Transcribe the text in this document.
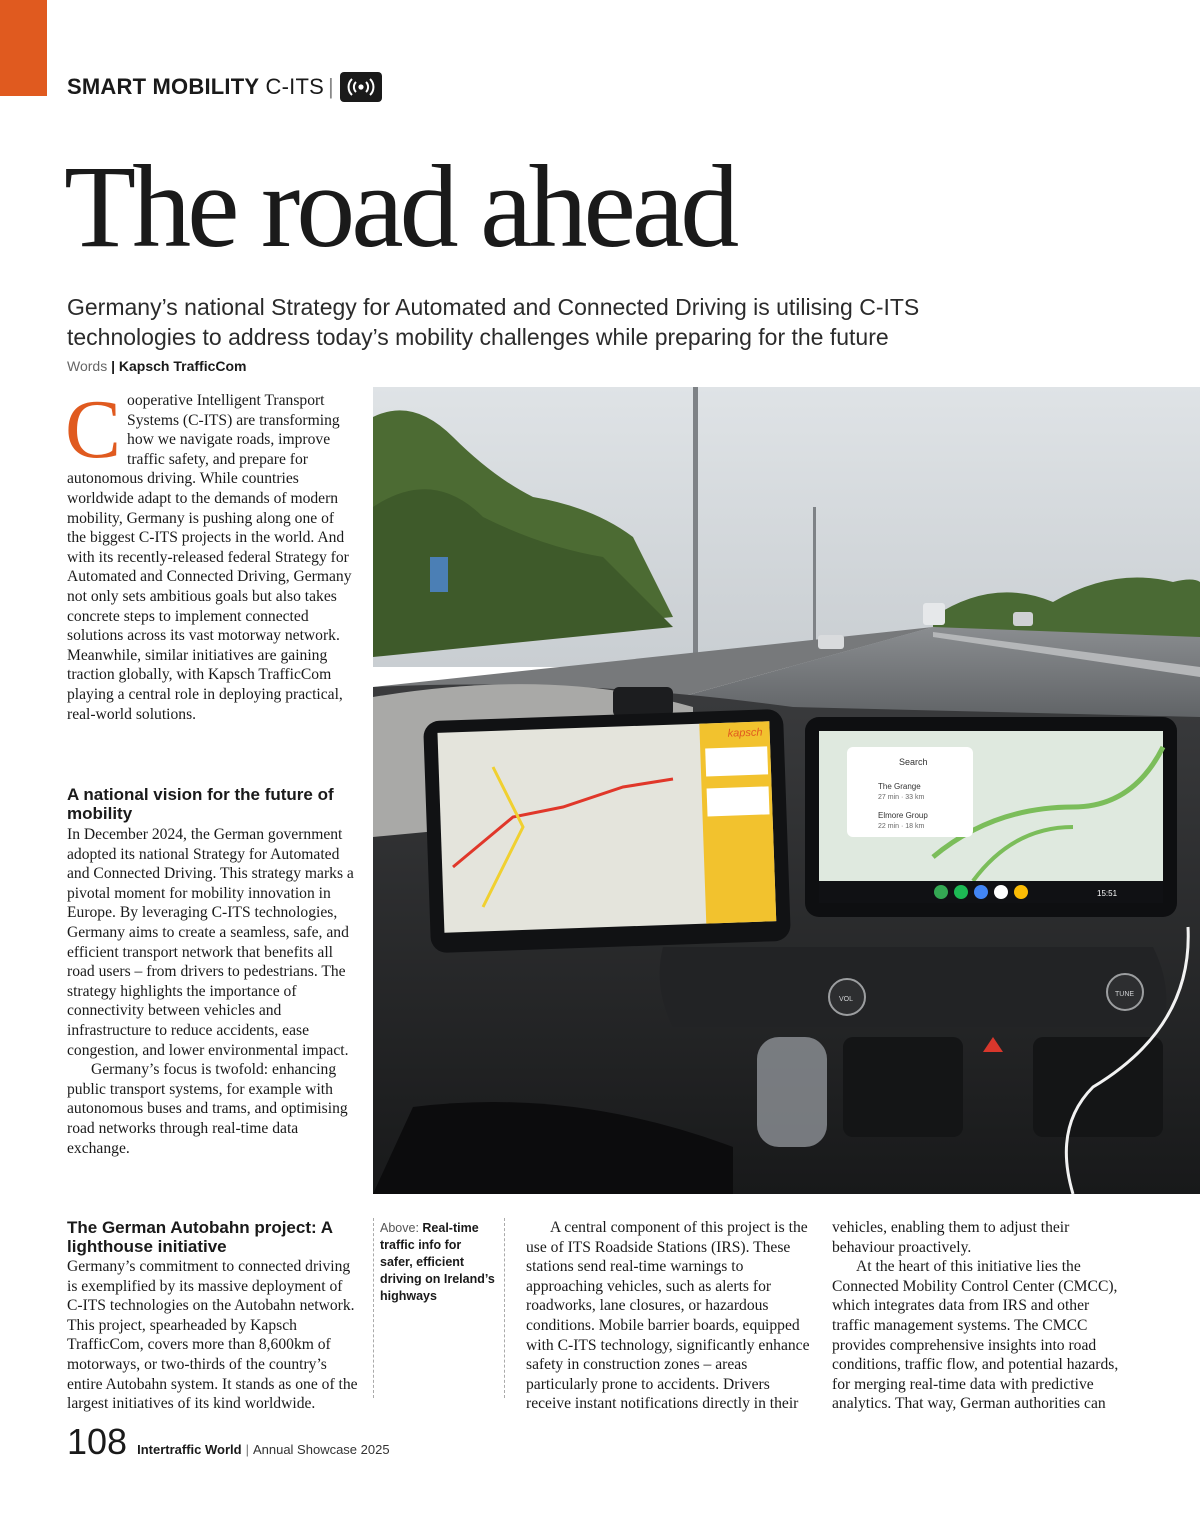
SMART MOBILITY
C-ITS |
The road ahead

Germany’s national Strategy for Automated and Connected Driving is utilising C-ITS technologies to address today’s mobility challenges while preparing for the future

Words | Kapsch TrafficCom

Cooperative Intelligent Transport Systems (C-ITS) are transforming how we navigate roads, improve traffic safety, and prepare for autonomous driving. While countries worldwide adapt to the demands of modern mobility, Germany is pushing along one of the biggest C-ITS projects in the world. And with its recently-released federal Strategy for Automated and Connected Driving, Germany not only sets ambitious goals but also takes concrete steps to implement connected solutions across its vast motorway network. Meanwhile, similar initiatives are gaining traction globally, with Kapsch TrafficCom playing a central role in deploying practical, real-world solutions.

A national vision for the future of mobility

In December 2024, the German government adopted its national Strategy for Automated and Connected Driving. This strategy marks a pivotal moment for mobility innovation in Europe. By leveraging C-ITS technologies, Germany aims to create a seamless, safe, and efficient transport network that benefits all road users – from drivers to pedestrians. The strategy highlights the importance of connectivity between vehicles and infrastructure to reduce accidents, ease congestion, and lower environmental impact.

Germany’s focus is twofold: enhancing public transport systems, for example with autonomous buses and trams, and optimising road networks through real-time data exchange.

The German Autobahn project: A lighthouse initiative

Germany’s commitment to connected driving is exemplified by its massive deployment of C-ITS technologies on the Autobahn network. This project, spearheaded by Kapsch TrafficCom, covers more than 8,600km of motorways, or two-thirds of the country’s entire Autobahn system. It stands as one of the largest initiatives of its kind worldwide.

kapsch
Search
The Grange
27 min · 33 km
Elmore Group
22 min · 18 km
15:51
VOL
TUNE
Above: Real-time traffic info for safer, efficient driving on Ireland’s highways

A central component of this project is the use of ITS Roadside Stations (IRS). These stations send real-time warnings to approaching vehicles, such as alerts for roadworks, lane closures, or hazardous conditions. Mobile barrier boards, equipped with C-ITS technology, significantly enhance safety in construction zones – areas particularly prone to accidents. Drivers receive instant notifications directly in their

vehicles, enabling them to adjust their behaviour proactively.

At the heart of this initiative lies the Connected Mobility Control Center (CMCC), which integrates data from IRS and other traffic management systems. The CMCC provides comprehensive insights into road conditions, traffic flow, and potential hazards, for merging real-time data with predictive analytics. That way, German authorities can

108 Intertraffic World | Annual Showcase 2025
